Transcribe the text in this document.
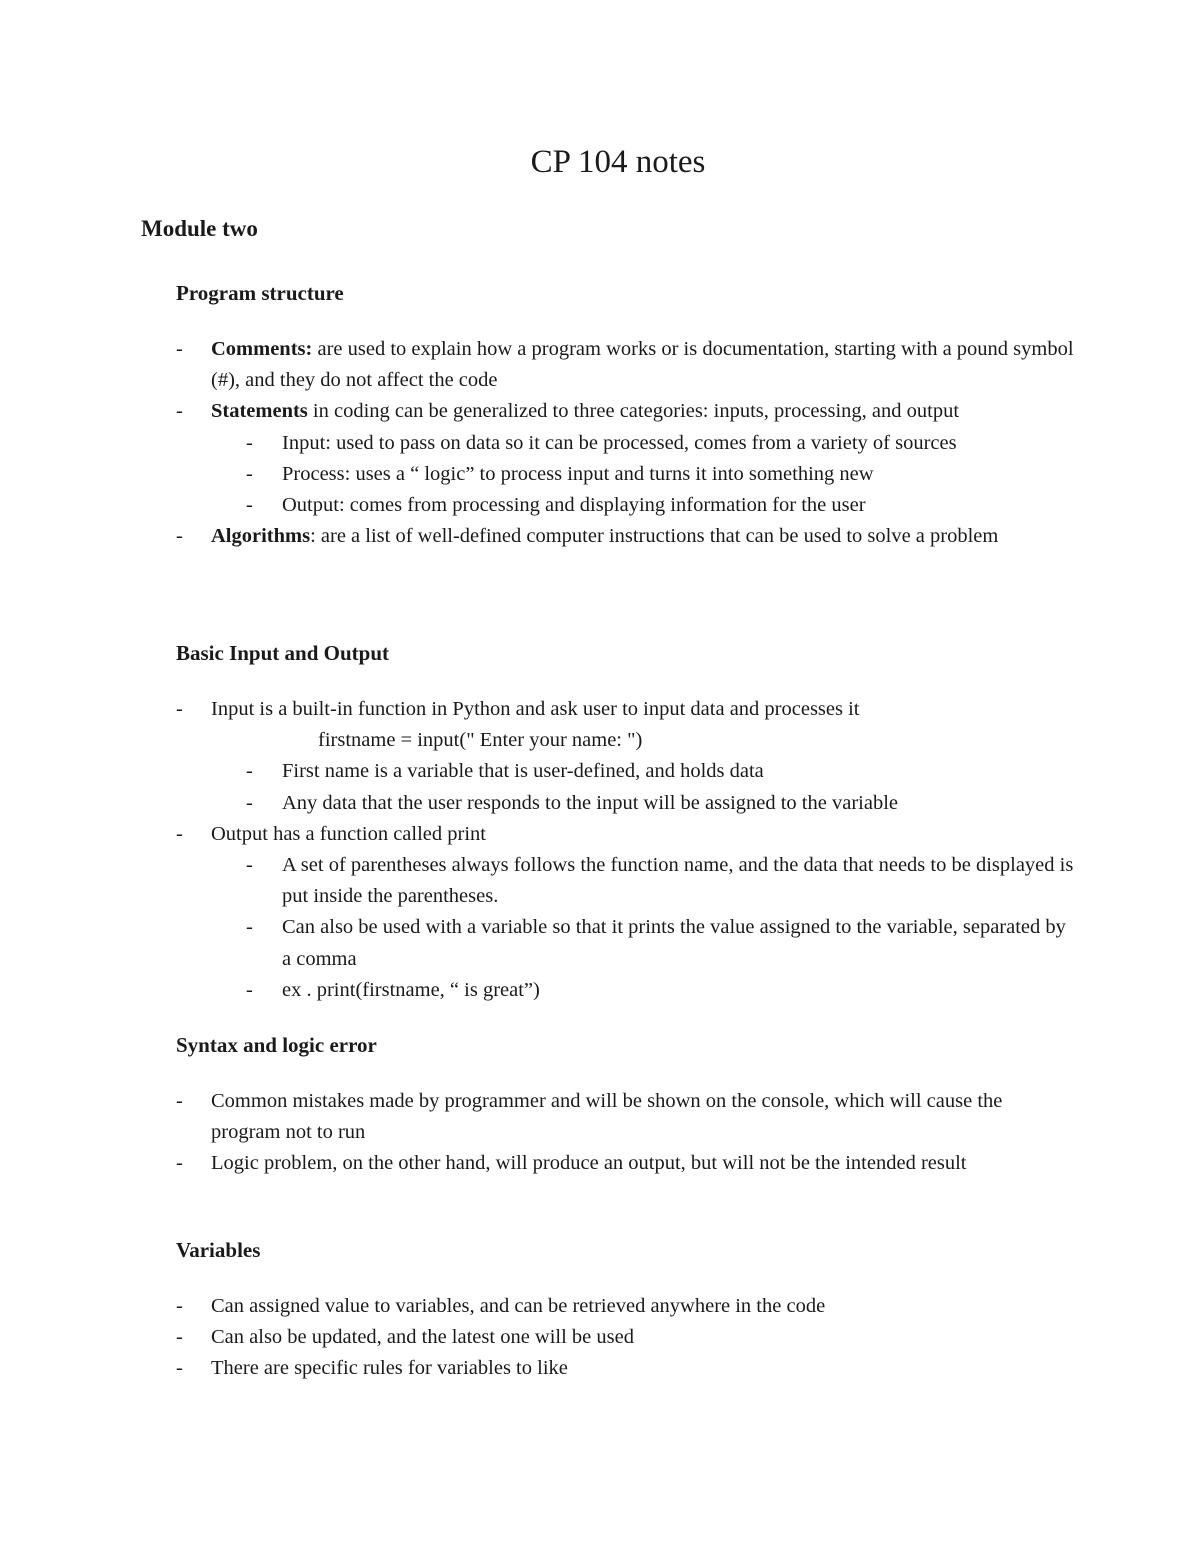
CP 104 notes
Module two
Program structure
- Comments: are used to explain how a program works or is documentation, starting with a pound symbol (#), and they do not affect the code
- Statements in coding can be generalized to three categories: inputs, processing, and output
- Input: used to pass on data so it can be processed, comes from a variety of sources
- Process: uses a “ logic” to process input and turns it into something new
- Output: comes from processing and displaying information for the user
- Algorithms: are a list of well-defined computer instructions that can be used to solve a problem
Basic Input and Output
- Input is a built-in function in Python and ask user to input data and processes it
firstname = input(" Enter your name: ")
- First name is a variable that is user-defined, and holds data
- Any data that the user responds to the input will be assigned to the variable
- Output has a function called print
- A set of parentheses always follows the function name, and the data that needs to be displayed is put inside the parentheses.
- Can also be used with a variable so that it prints the value assigned to the variable, separated by a comma
- ex . print(firstname, “ is great”)
Syntax and logic error
- Common mistakes made by programmer and will be shown on the console, which will cause the program not to run
- Logic problem, on the other hand, will produce an output, but will not be the intended result
Variables
- Can assigned value to variables, and can be retrieved anywhere in the code
- Can also be updated, and the latest one will be used
- There are specific rules for variables to like
